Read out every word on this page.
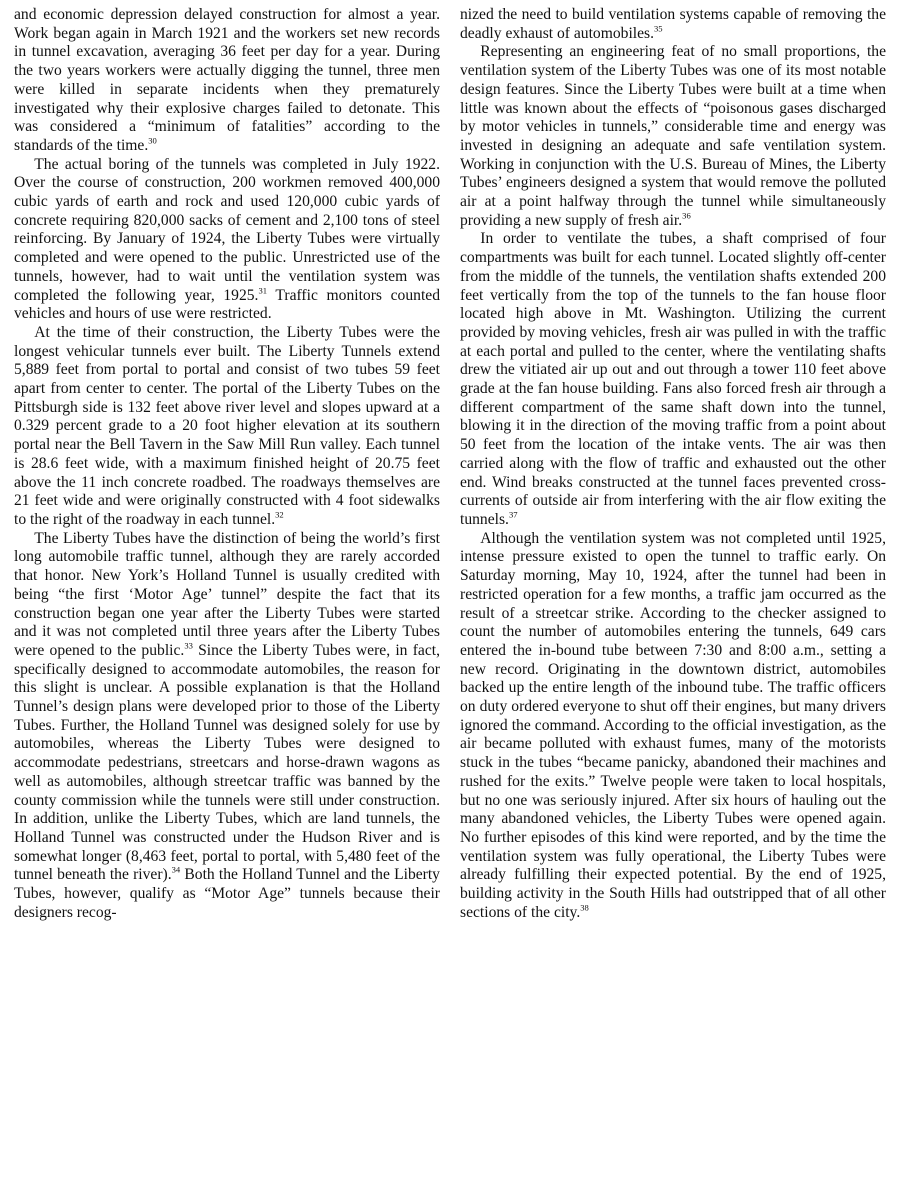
and economic depression delayed construction for almost a year. Work began again in March 1921 and the workers set new records in tunnel excavation, averaging 36 feet per day for a year. During the two years workers were actually digging the tunnel, three men were killed in separate incidents when they prematurely investigated why their explosive charges failed to detonate. This was considered a “minimum of fatalities” according to the standards of the time.$^{30}$

The actual boring of the tunnels was completed in July 1922. Over the course of construction, 200 workmen removed 400,000 cubic yards of earth and rock and used 120,000 cubic yards of concrete requiring 820,000 sacks of cement and 2,100 tons of steel reinforcing. By January of 1924, the Liberty Tubes were virtually completed and were opened to the public. Unrestricted use of the tunnels, however, had to wait until the ventilation system was completed the following year, 1925.31 Traffic monitors counted vehicles and hours of use were restricted.

At the time of their construction, the Liberty Tubes were the longest vehicular tunnels ever built. The Liberty Tunnels extend 5,889 feet from portal to portal and consist of two tubes 59 feet apart from center to center. The portal of the Liberty Tubes on the Pittsburgh side is 132 feet above river level and slopes upward at a 0.329 percent grade to a 20 foot higher elevation at its southern portal near the Bell Tavern in the Saw Mill Run valley. Each tunnel is 28.6 feet wide, with a maximum finished height of 20.75 feet above the 11 inch concrete roadbed. The roadways themselves are 21 feet wide and were originally constructed with 4 foot sidewalks to the right of the roadway in each tunnel.$^{32}$

The Liberty Tubes have the distinction of being the world’s first long automobile traffic tunnel, although they are rarely accorded that honor. New York’s Holland Tunnel is usually credited with being “the first ‘Motor Age’ tunnel” despite the fact that its construction began one year after the Liberty Tubes were started and it was not completed until three years after the Liberty Tubes were opened to the public.$^{33}$ Since the Liberty Tubes were, in fact, specifically designed to accommodate automobiles, the reason for this slight is unclear. A possible explanation is that the Holland Tunnel’s design plans were developed prior to those of the Liberty Tubes. Further, the Holland Tunnel was designed solely for use by automobiles, whereas the Liberty Tubes were designed to accommodate pedestrians, streetcars and horse-drawn wagons as well as automobiles, although streetcar traffic was banned by the county commission while the tunnels were still under construction. In addition, unlike the Liberty Tubes, which are land tunnels, the Holland Tunnel was constructed under the Hudson River and is somewhat longer (8,463 feet, portal to portal, with 5,480 feet of the tunnel beneath the river).$^{34}$ Both the Holland Tunnel and the Liberty Tubes, however, qualify as “Motor Age” tunnels because their designers recog-

nized the need to build ventilation systems capable of removing the deadly exhaust of automobiles.$^{35}$

Representing an engineering feat of no small proportions, the ventilation system of the Liberty Tubes was one of its most notable design features. Since the Liberty Tubes were built at a time when little was known about the effects of “poisonous gases discharged by motor vehicles in tunnels,” considerable time and energy was invested in designing an adequate and safe ventilation system. Working in conjunction with the U.S. Bureau of Mines, the Liberty Tubes’ engineers designed a system that would remove the polluted air at a point halfway through the tunnel while simultaneously providing a new supply of fresh air.$^{36}$

In order to ventilate the tubes, a shaft comprised of four compartments was built for each tunnel. Located slightly off-center from the middle of the tunnels, the ventilation shafts extended 200 feet vertically from the top of the tunnels to the fan house floor located high above in Mt. Washington. Utilizing the current provided by moving vehicles, fresh air was pulled in with the traffic at each portal and pulled to the center, where the ventilating shafts drew the vitiated air up out and out through a tower 110 feet above grade at the fan house building. Fans also forced fresh air through a different compartment of the same shaft down into the tunnel, blowing it in the direction of the moving traffic from a point about 50 feet from the location of the intake vents. The air was then carried along with the flow of traffic and exhausted out the other end. Wind breaks constructed at the tunnel faces prevented cross-currents of outside air from interfering with the air flow exiting the tunnels.$^{37}$

Although the ventilation system was not completed until 1925, intense pressure existed to open the tunnel to traffic early. On Saturday morning, May 10, 1924, after the tunnel had been in restricted operation for a few months, a traffic jam occurred as the result of a streetcar strike. According to the checker assigned to count the number of automobiles entering the tunnels, 649 cars entered the in-bound tube between 7:30 and 8:00 a.m., setting a new record. Originating in the downtown district, automobiles backed up the entire length of the inbound tube. The traffic officers on duty ordered everyone to shut off their engines, but many drivers ignored the command. According to the official investigation, as the air became polluted with exhaust fumes, many of the motorists stuck in the tubes “became panicky, abandoned their machines and rushed for the exits.” Twelve people were taken to local hospitals, but no one was seriously injured. After six hours of hauling out the many abandoned vehicles, the Liberty Tubes were opened again. No further episodes of this kind were reported, and by the time the ventilation system was fully operational, the Liberty Tubes were already fulfilling their expected potential. By the end of 1925, building activity in the South Hills had outstripped that of all other sections of the city.$^{38}$
